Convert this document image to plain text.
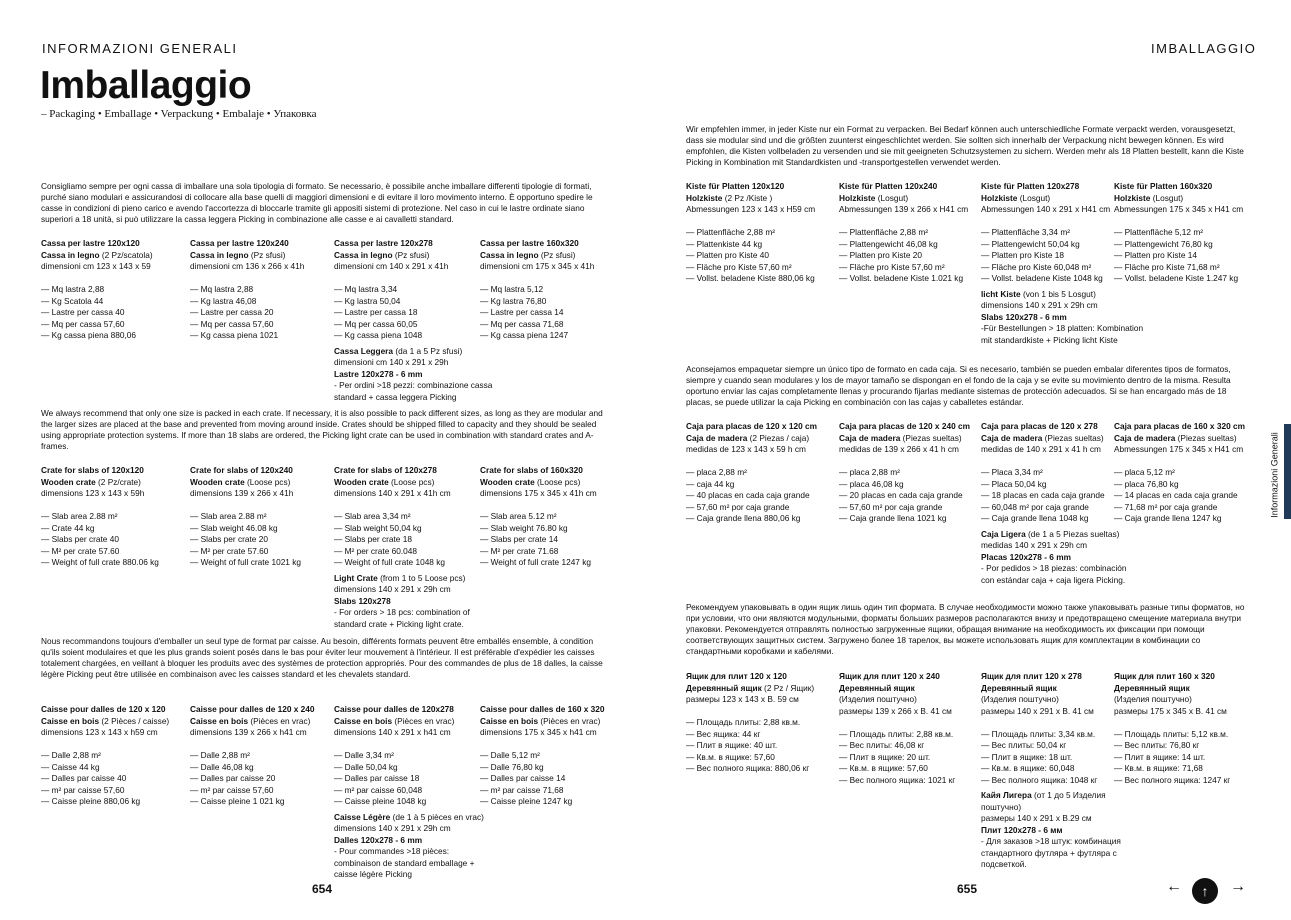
INFORMAZIONI GENERALI
Imballaggio
– Packaging • Emballage • Verpackung • Embalaje • Упаковка
Consigliamo sempre per ogni cassa di imballare una sola tipologia di formato. Se necessario, è possibile anche imballare differenti tipologie di formati, purché siano modulari e assicurandosi di collocare alla base quelli di maggiori dimensioni e di evitare il loro movimento interno. È opportuno spedire le casse in condizioni di pieno carico e avendo l'accortezza di bloccarle tramite gli appositi sistemi di protezione. Nel caso in cui le lastre ordinate siano superiori a 18 unità, si può utilizzare la cassa leggera Picking in combinazione alle casse e ai cavalletti standard.
Cassa per lastre 120x120
Cassa in legno (2 Pz/scatola)
dimensioni cm 123 x 143 x 59
— Mq lastra 2,88
— Kg Scatola 44
— Lastre per cassa 40
— Mq per cassa 57,60
— Kg cassa piena 880,06
Cassa per lastre 120x240
Cassa in legno (Pz sfusi)
dimensioni cm 136 x 266 x 41h
— Mq lastra 2,88
— Kg lastra 46,08
— Lastre per cassa 20
— Mq per cassa 57,60
— Kg cassa piena 1021
Cassa per lastre 120x278
Cassa in legno (Pz sfusi)
dimensioni cm 140 x 291 x 41h
— Mq lastra 3,34
— Kg lastra 50,04
— Lastre per cassa 18
— Mq per cassa 60,05
— Kg cassa piena 1048
Cassa Leggera (da 1 a 5 Pz sfusi)
dimensioni cm 140 x 291 x 29h
Lastre 120x278 - 6 mm
- Per ordini >18 pezzi: combinazione cassa
standard + cassa leggera Picking
Cassa per lastre 160x320
Cassa in legno (Pz sfusi)
dimensioni cm 175 x 345 x 41h
— Mq lastra 5,12
— Kg lastra 76,80
— Lastre per cassa 14
— Mq per cassa 71,68
— Kg cassa piena 1247
We always recommend that only one size is packed in each crate. If necessary, it is also possible to pack different sizes, as long as they are modular and the larger sizes are placed at the base and prevented from moving around inside. Crates should be shipped filled to capacity and they should be sealed using appropriate protection systems. If more than 18 slabs are ordered, the Picking light crate can be used in combination with standard crates and A-frames.
Crate for slabs of 120x120
Wooden crate (2 Pz/crate)
dimensions 123 x 143 x 59h
— Slab area 2.88 m²
— Crate 44 kg
— Slabs per crate 40
— M² per crate 57.60
— Weight of full crate 880.06 kg
Crate for slabs of 120x240
Wooden crate (Loose pcs)
dimensions 139 x 266 x 41h
— Slab area 2.88 m²
— Slab weight 46.08 kg
— Slabs per crate 20
— M² per crate 57.60
— Weight of full crate 1021 kg
Crate for slabs of 120x278
Wooden crate (Loose pcs)
dimensions 140 x 291 x 41h cm
— Slab area 3,34 m²
— Slab weight 50,04 kg
— Slabs per crate 18
— M² per crate 60.048
— Weight of full crate 1048 kg
Light Crate (from 1 to 5 Loose pcs)
dimensions 140 x 291 x 29h cm
Slabs 120x278
- For orders > 18 pcs: combination of
standard crate + Picking light crate.
Crate for slabs of 160x320
Wooden crate (Loose pcs)
dimensions 175 x 345 x 41h cm
— Slab area 5.12 m²
— Slab weight 76.80 kg
— Slabs per crate 14
— M² per crate 71.68
— Weight of full crate 1247 kg
Nous recommandons toujours d'emballer un seul type de format par caisse. Au besoin, différents formats peuvent être emballés ensemble, à condition qu'ils soient modulaires et que les plus grands soient posés dans le bas pour éviter leur mouvement à l'intérieur. Il est préférable d'expédier les caisses totalement chargées, en veillant à bloquer les produits avec des systèmes de protection appropriés. Pour des commandes de plus de 18 dalles, la caisse légère Picking peut être utilisée en combinaison avec les caisses standard et les chevalets standard.
Caisse pour dalles de 120 x 120
Caisse en bois (2 Pièces / caisse)
dimensions 123 x 143 x h59 cm
— Dalle 2,88 m²
— Caisse 44 kg
— Dalles par caisse 40
— m² par caisse 57,60
— Caisse pleine 880,06 kg
Caisse pour dalles de 120 x 240
Caisse en bois (Pièces en vrac)
dimensions 139 x 266 x h41 cm
— Dalle 2,88 m²
— Dalle 46,08 kg
— Dalles par caisse 20
— m² par caisse 57,60
— Caisse pleine 1 021 kg
Caisse pour dalles de 120x278
Caisse en bois (Pièces en vrac)
dimensions 140 x 291 x h41 cm
— Dalle 3,34 m²
— Dalle 50,04 kg
— Dalles par caisse 18
— m² par caisse 60,048
— Caisse pleine 1048 kg
Caisse Légère (de 1 à 5 pièces en vrac)
dimensions 140 x 291 x 29h cm
Dalles 120x278 - 6 mm
- Pour commandes >18 pièces:
combinaison de standard emballage +
caisse légère Picking
Caisse pour dalles de 160 x 320
Caisse en bois (Pièces en vrac)
dimensions 175 x 345 x h41 cm
— Dalle 5,12 m²
— Dalle 76,80 kg
— Dalles par caisse 14
— m² par caisse 71,68
— Caisse pleine 1247 kg
Wir empfehlen immer, in jeder Kiste nur ein Format zu verpacken. Bei Bedarf können auch unterschiedliche Formate verpackt werden, vorausgesetzt, dass sie modular sind und die größten zuunterst eingeschlichtet werden. Sie sollten sich innerhalb der Verpackung nicht bewegen können. Es wird empfohlen, die Kisten vollbeladen zu versenden und sie mit geeigneten Schutzsystemen zu sichern. Werden mehr als 18 Platten bestellt, kann die Kiste Picking in Kombination mit Standardkisten und -transportgestellen verwendet werden.
Kiste für Platten 120x120
Holzkiste (2 Pz /Kiste )
Abmessungen 123 x 143 x H59 cm
— Plattenfläche 2,88 m²
— Plattenkiste 44 kg
— Platten pro Kiste 40
— Fläche pro Kiste 57,60 m²
— Vollst. beladene Kiste 880,06 kg
Kiste für Platten 120x240
Holzkiste (Losgut)
Abmessungen 139 x 266 x H41 cm
— Plattenfläche 2,88 m²
— Plattengewicht 46,08 kg
— Platten pro Kiste 20
— Fläche pro Kiste 57,60 m²
— Vollst. beladene Kiste 1.021 kg
Kiste für Platten 120x278
Holzkiste (Losgut)
Abmessungen 140 x 291 x H41 cm
— Plattenfläche 3,34 m²
— Plattengewicht 50,04 kg
— Platten pro Kiste 18
— Fläche pro Kiste 60,048 m²
— Vollst. beladene Kiste 1048 kg
licht Kiste (von 1 bis 5 Losgut)
dimensions 140 x 291 x 29h cm
Slabs 120x278 - 6 mm
-Für Bestellungen > 18 platten: Kombination
mit standardkiste + Picking licht Kiste
Kiste für Platten 160x320
Holzkiste (Losgut)
Abmessungen 175 x 345 x H41 cm
— Plattenfläche 5,12 m²
— Plattengewicht 76,80 kg
— Platten pro Kiste 14
— Fläche pro Kiste 71,68 m²
— Vollst. beladene Kiste 1.247 kg
Aconsejamos empaquetar siempre un único tipo de formato en cada caja. Si es necesario, también se pueden embalar diferentes tipos de formatos, siempre y cuando sean modulares y los de mayor tamaño se dispongan en el fondo de la caja y se evite su movimiento dentro de la misma. Resulta oportuno enviar las cajas completamente llenas y procurando fijarlas mediante sistemas de protección adecuados. Si se han encargado más de 18 placas, se puede utilizar la caja Picking en combinación con las cajas y caballetes estándar.
Caja para placas de 120 x 120 cm
Caja de madera (2 Piezas / caja)
medidas de 123 x 143 x 59 h cm
— placa 2,88 m²
— caja 44 kg
— 40 placas en cada caja grande
— 57,60 m² por caja grande
— Caja grande llena 880,06 kg
Caja para placas de 120 x 240 cm
Caja de madera (Piezas sueltas)
medidas de 139 x 266 x 41 h cm
— placa 2,88 m²
— placa 46,08 kg
— 20 placas en cada caja grande
— 57,60 m² por caja grande
— Caja grande llena 1021 kg
Caja para placas de 120 x 278
Caja de madera (Piezas sueltas)
medidas de 140 x 291 x 41 h cm
— Placa 3,34 m²
— Placa 50,04 kg
— 18 placas en cada caja grande
— 60,048 m² por caja grande
— Caja grande llena 1048 kg
Caja Ligera (de 1 a 5 Piezas sueltas)
medidas 140 x 291 x 29h cm
Placas 120x278 - 6 mm
- Por pedidos > 18 piezas: combinación
con estándar caja + caja ligera Picking.
Caja para placas de 160 x 320 cm
Caja de madera (Piezas sueltas)
Abmessungen 175 x 345 x H41 cm
— placa 5,12 m²
— placa 76,80 kg
— 14 placas en cada caja grande
— 71,68 m² por caja grande
— Caja grande llena 1247 kg
Рекомендуем упаковывать в один ящик лишь один тип формата. В случае необходимости можно также упаковывать разные типы форматов, но при условии, что они являются модульными, форматы больших размеров располагаются внизу и предотвращено смещение материала внутри упаковки. Рекомендуется отправлять полностью загруженные ящики, обращая внимание на необходимость их фиксации при помощи соответствующих защитных систем. Загружено более 18 тарелок, вы можете использовать ящик для комплектации в комбинации со стандартными коробками и кабелями.
Ящик для плит 120 x 120
Деревянный ящик (2 Pz / Ящик)
размеры 123 x 143 x В. 59 см
— Площадь плиты: 2,88 кв.м.
— Вес ящика: 44 кг
— Плит в ящике: 40 шт.
— Кв.м. в ящике: 57,60
— Вес полного ящика: 880,06 кг
Ящик для плит 120 x 240
Деревянный ящик
(Изделия поштучно)
размеры 139 x 266 x В. 41 см
— Площадь плиты: 2,88 кв.м.
— Вес плиты: 46,08 кг
— Плит в ящике: 20 шт.
— Кв.м. в ящике: 57,60
— Вес полного ящика: 1021 кг
Ящик для плит 120 x 278
Деревянный ящик
(Изделия поштучно)
размеры 140 x 291 x В. 41 см
— Площадь плиты: 3,34 кв.м.
— Вес плиты: 50,04 кг
— Плит в ящике: 18 шт.
— Кв.м. в ящике: 60,048
— Вес полного ящика: 1048 кг
Кайя Лигера (от 1 до 5 Изделия
поштучно)
размеры 140 x 291 x В.29 см
Плит 120x278 - 6 мм
- Для заказов >18 штук: комбинация
стандартного футляра + футляра с
подсветкой.
Ящик для плит 160 x 320
Деревянный ящик
(Изделия поштучно)
размеры 175 x 345 x В. 41 см
— Площадь плиты: 5,12 кв.м.
— Вес плиты: 76,80 кг
— Плит в ящике: 14 шт.
— Кв.м. в ящике: 71,68
— Вес полного ящика: 1247 кг
654
IMBALLAGGIO
655
Informazioni Generali
←	↑	→
